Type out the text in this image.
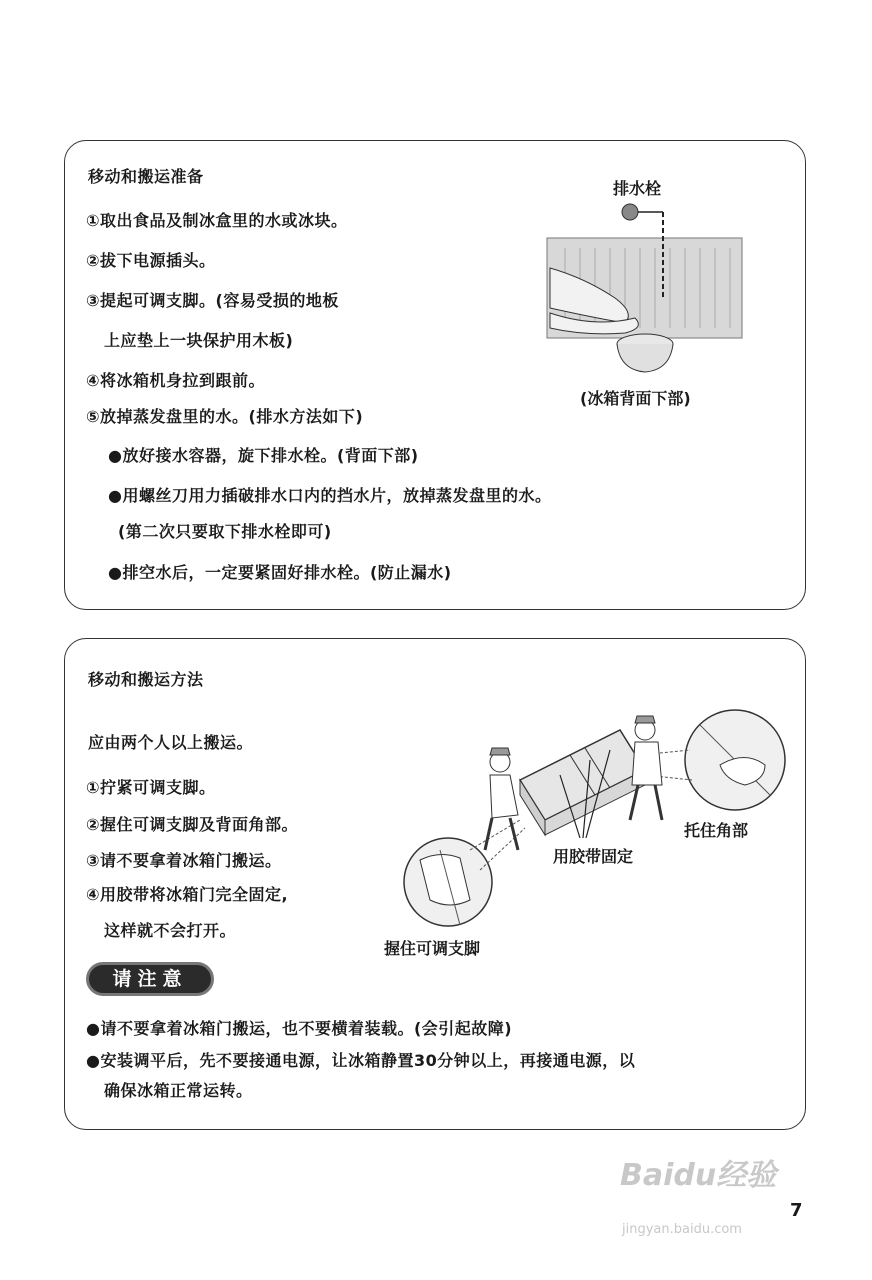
移动和搬运准备
①取出食品及制冰盒里的水或冰块。
②拔下电源插头。
③提起可调支脚。(容易受损的地板
上应垫上一块保护用木板)
④将冰箱机身拉到跟前。
⑤放掉蒸发盘里的水。(排水方法如下)
●放好接水容器，旋下排水栓。(背面下部)
●用螺丝刀用力插破排水口内的挡水片，放掉蒸发盘里的水。
(第二次只要取下排水栓即可)
●排空水后，一定要紧固好排水栓。(防止漏水)
排水栓
(冰箱背面下部)
移动和搬运方法
应由两个人以上搬运。
①拧紧可调支脚。
②握住可调支脚及背面角部。
③请不要拿着冰箱门搬运。
④用胶带将冰箱门完全固定,
这样就不会打开。
用胶带固定
托住角部
握住可调支脚
请注意
●请不要拿着冰箱门搬运，也不要横着装载。(会引起故障)
●安装调平后，先不要接通电源，让冰箱静置30分钟以上，再接通电源，以
确保冰箱正常运转。
Baidu经验
jingyan.baidu.com
7
